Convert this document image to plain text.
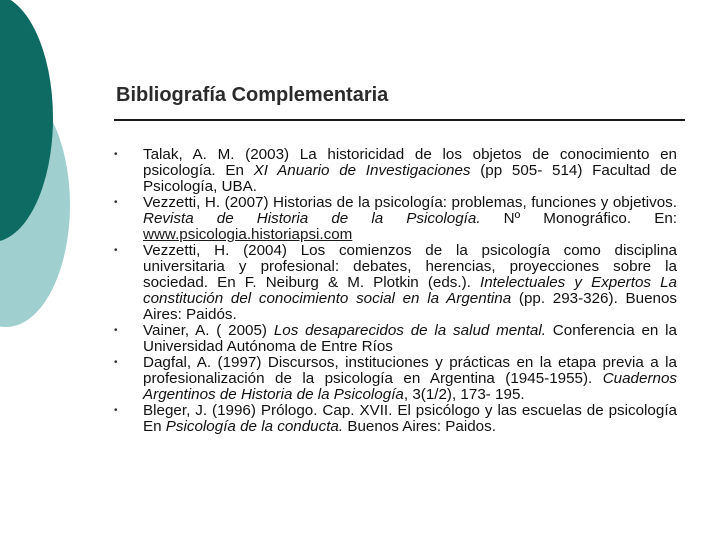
Bibliografía Complementaria
• Talak, A. M. (2003) La historicidad de los objetos de conocimiento en psicología. En XI Anuario de Investigaciones (pp 505- 514) Facultad de Psicología, UBA.
• Vezzetti, H. (2007) Historias de la psicología: problemas, funciones y objetivos. Revista de Historia de la Psicología. Nº Monográfico. En: www.psicologia.historiapsi.com
• Vezzetti, H. (2004) Los comienzos de la psicología como disciplina universitaria y profesional: debates, herencias, proyecciones sobre la sociedad. En F. Neiburg & M. Plotkin (eds.). Intelectuales y Expertos La constitución del conocimiento social en la Argentina (pp. 293-326). Buenos Aires: Paidós.
• Vainer, A. ( 2005) Los desaparecidos de la salud mental. Conferencia en la Universidad Autónoma de Entre Ríos
• Dagfal, A. (1997) Discursos, instituciones y prácticas en la etapa previa a la profesionalización de la psicología en Argentina (1945-1955). Cuadernos Argentinos de Historia de la Psicología, 3(1/2), 173- 195.
• Bleger, J. (1996) Prólogo. Cap. XVII. El psicólogo y las escuelas de psicología En Psicología de la conducta. Buenos Aires: Paidos.
